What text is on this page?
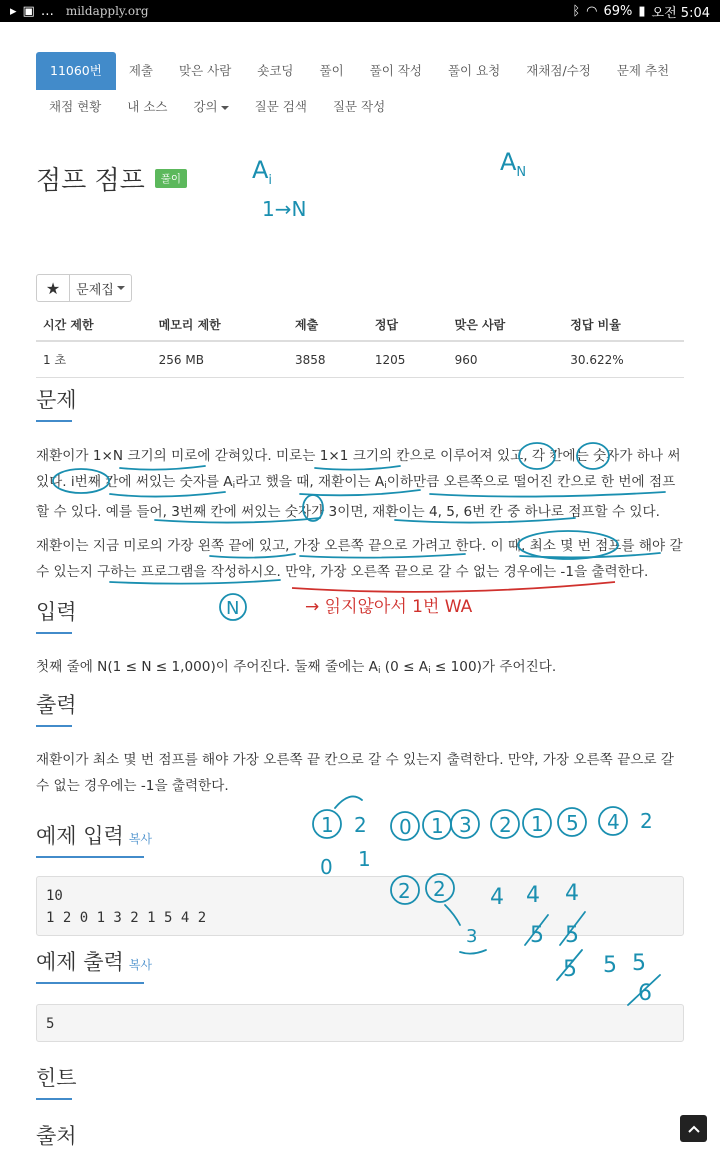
▸ ▣ … mildapply.org	ᛒ ◠ 69% ▮ 오전 5:04
11060번	제출	맞은 사람	숏코딩	풀이	풀이 작성	풀이 요청	재채점/수정	문제 추천
채점 현황	내 소스	강의	질문 검색	질문 작성
점프 점프	풀이
★	문제집
시간 제한	메모리 제한	제출	정답	맞은 사람	정답 비율
1 초	256 MB	3858	1205	960	30.622%
문제
재환이가 1×N 크기의 미로에 갇혀있다. 미로는 1×1 크기의 칸으로 이루어져 있고, 각 칸에는 숫자가 하나 써있다. i번째 칸에 써있는 숫자를 $A_i$라고 했을 때, 재환이는 $A_i$이하만큼 오른쪽으로 떨어진 칸으로 한 번에 점프할 수 있다. 예를 들어, 3번째 칸에 써있는 숫자가 3이면, 재환이는 4, 5, 6번 칸 중 하나로 점프할 수 있다.
재환이는 지금 미로의 가장 왼쪽 끝에 있고, 가장 오른쪽 끝으로 가려고 한다. 이 때, 최소 몇 번 점프를 해야 갈 수 있는지 구하는 프로그램을 작성하시오. 만약, 가장 오른쪽 끝으로 갈 수 없는 경우에는 -1을 출력한다.
입력
첫째 줄에 N(1 ≤ N ≤ 1,000)이 주어진다. 둘째 줄에는 $A_i$ $(0 \le A_i \le 100)$가 주어진다.
출력
재환이가 최소 몇 번 점프를 해야 가장 오른쪽 끝 칸으로 갈 수 있는지 출력한다. 만약, 가장 오른쪽 끝으로 갈 수 없는 경우에는 -1을 출력한다.
예제 입력 복사
10
1 2 0 1 3 2 1 5 4 2
예제 출력 복사
5
힌트
출처
$A_i$
1→N
$A_N$
N
1 2 0 1 3 2 1 5 4 2
0 1
2 2 4 4 4
3 5 5
5 5 5
6
→ 읽지않아서 1번 WA
